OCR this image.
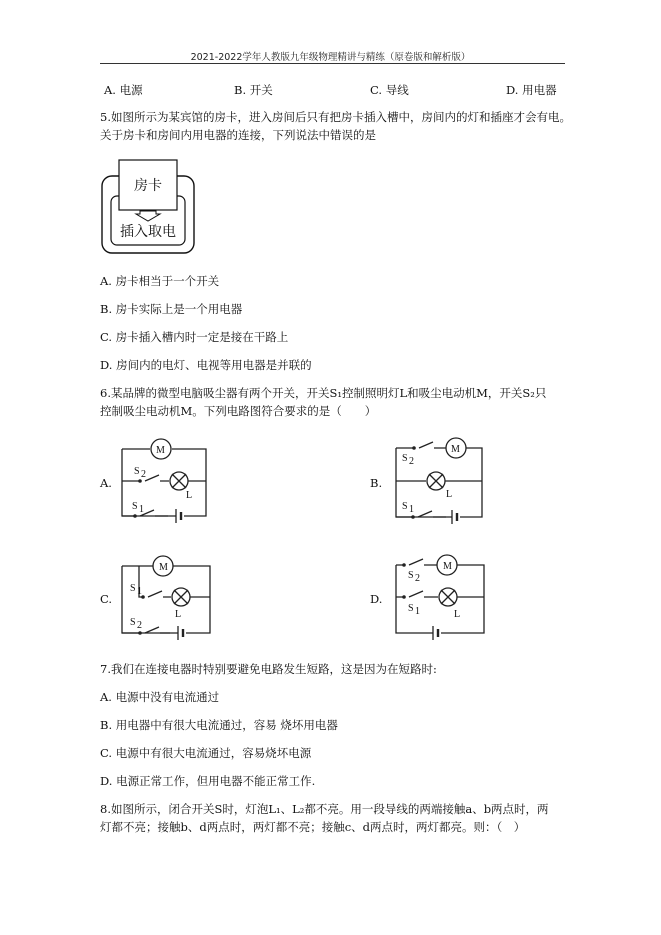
2021-2022学年人教版九年级物理精讲与精练（原卷版和解析版）
A. 电源	B. 开关	C. 导线	D. 用电器
5.如图所示为某宾馆的房卡，进入房间后只有把房卡插入槽中，房间内的灯和插座才会有电。
关于房卡和房间内用电器的连接，下列说法中错误的是
房卡
插入取电
M
S 2
L
S 1
M
S 2
L
S 1
M
S 1
L
S 2
M
S 2
S 1	L
A. 房卡相当于一个开关
B. 房卡实际上是一个用电器
C. 房卡插入槽内时一定是接在干路上
D. 房间内的电灯、电视等用电器是并联的
6.某品牌的微型电脑吸尘器有两个开关，开关S₁控制照明灯L和吸尘电动机M，开关S₂只
控制吸尘电动机M。下列电路图符合要求的是（　　）
A.	B.
C.	D.
7.我们在连接电器时特别要避免电路发生短路，这是因为在短路时:
A. 电源中没有电流通过
B. 用电器中有很大电流通过，容易 烧坏用电器
C. 电源中有很大电流通过，容易烧坏电源
D. 电源正常工作，但用电器不能正常工作.
8.如图所示，闭合开关S时，灯泡L₁、L₂都不亮。用一段导线的两端接触a、b两点时，两
灯都不亮；接触b、d两点时，两灯都不亮；接触c、d两点时，两灯都亮。则：（　）
